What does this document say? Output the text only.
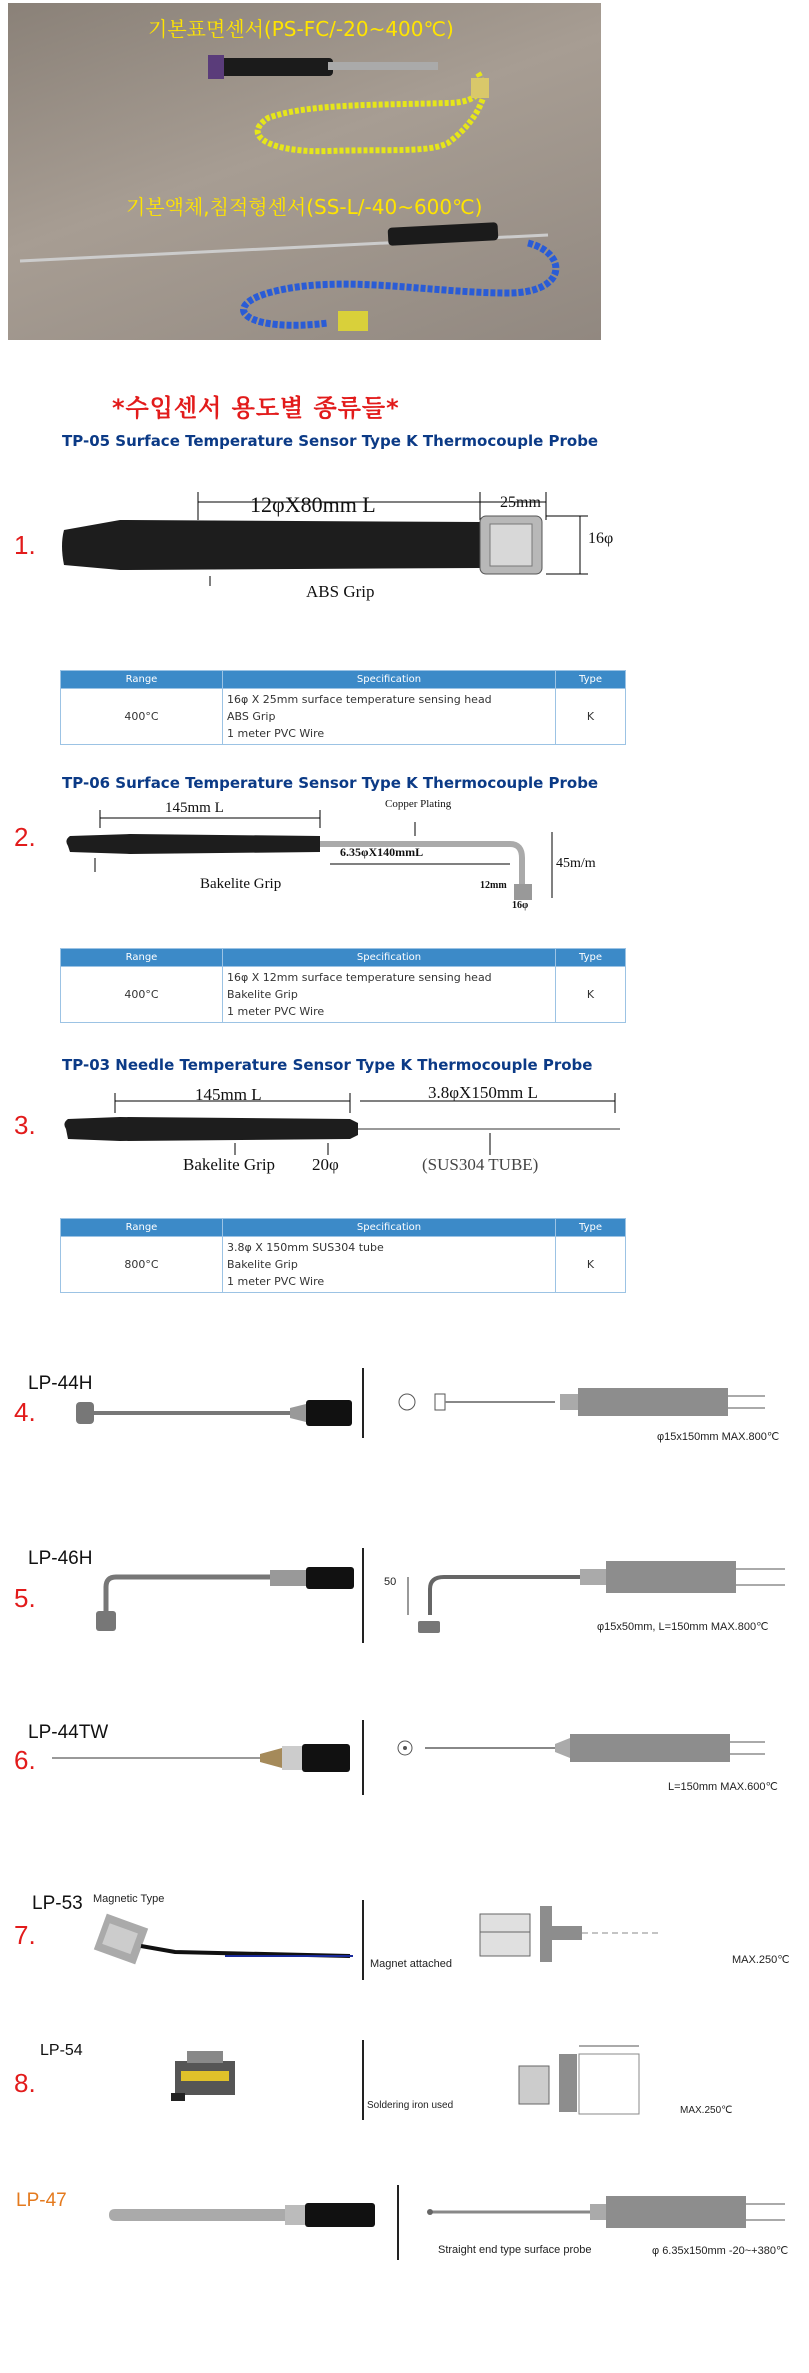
기본표면센서(PS-FC/-20~400℃)
기본액체,침적형센서(SS-L/-40~600℃)
*수입센서 용도별 종류들*
TP-05 Surface Temperature Sensor Type K Thermocouple Probe
1.
12φX80mm L	25mm
16φ
ABS Grip
Range	Specification	Type
400°C	16φ X 25mm surface temperature sensing head
ABS Grip
1 meter PVC Wire	K
TP-06 Surface Temperature Sensor Type K Thermocouple Probe
2.
145mm L	Copper Plating
6.35φX140mmL
45m/m
12mm
16φ
Bakelite Grip
Range	Specification	Type
400°C	16φ X 12mm surface temperature sensing head
Bakelite Grip
1 meter PVC Wire	K
TP-03 Needle Temperature Sensor Type K Thermocouple Probe
3.
145mm L	3.8φX150mm L
Bakelite Grip 20φ	(SUS304 TUBE)
Range	Specification	Type
800°C	3.8φ X 150mm SUS304 tube
Bakelite Grip
1 meter PVC Wire	K
LP-44H
4.
φ15x150mm MAX.800℃
LP-46H
5.
50
φ15x50mm, L=150mm MAX.800℃
LP-44TW
6.
L=150mm MAX.600℃
LP-53 Magnetic Type
7.
Magnet attached	MAX.250℃
LP-54
8.
Soldering iron used	MAX.250℃
LP-47
Straight end type surface probe	φ 6.35x150mm -20~+380℃
